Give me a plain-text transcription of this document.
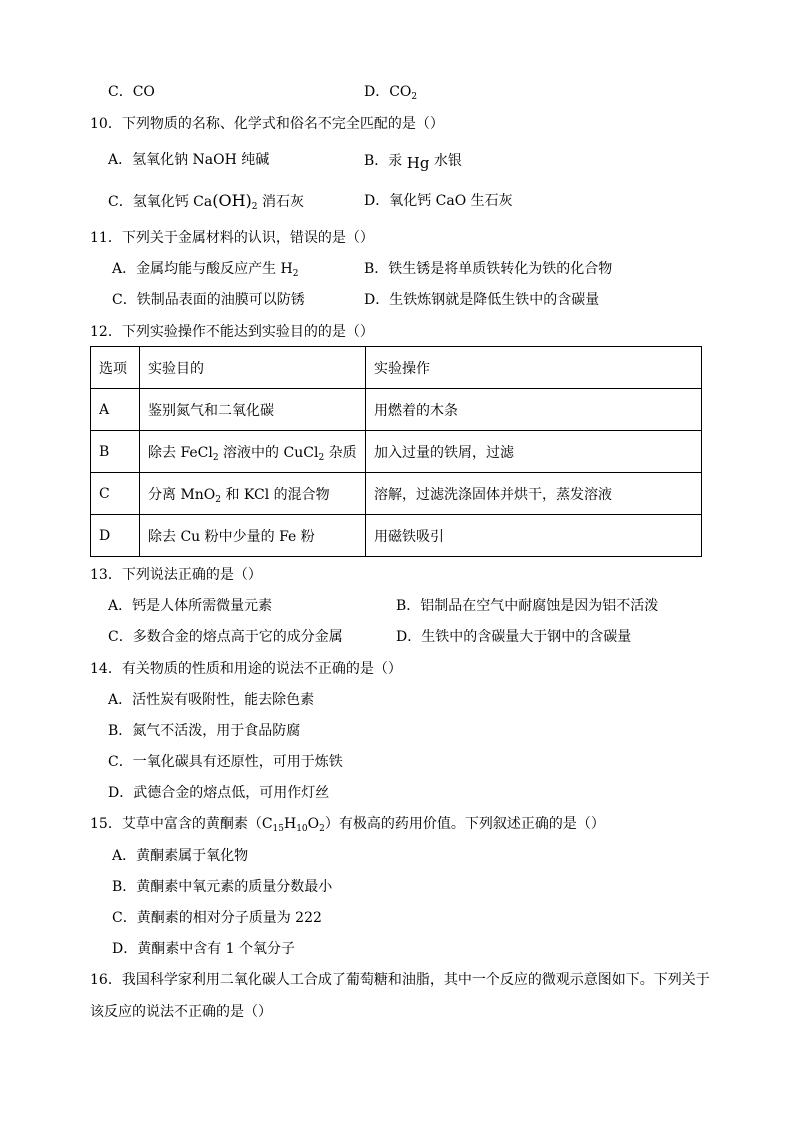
C．CO	D．$CO_2$
10．下列物质的名称、化学式和俗名不完全匹配的是（）
A．氢氧化钠 NaOH 纯碱	B．汞 Hg 水银
C．氢氧化钙 $Ca(OH)_2$ 消石灰	D．氧化钙 CaO 生石灰
11．下列关于金属材料的认识，错误的是（）
A．金属均能与酸反应产生 $H_2$	B．铁生锈是将单质铁转化为铁的化合物
C．铁制品表面的油膜可以防锈	D．生铁炼钢就是降低生铁中的含碳量
12．下列实验操作不能达到实验目的的是（）
选项	实验目的	实验操作
A	鉴别氮气和二氧化碳	用燃着的木条
B	除去 FeCl$_2$ 溶液中的 CuCl$_2$ 杂质	加入过量的铁屑，过滤
C	分离 MnO$_2$ 和 KCl 的混合物	溶解，过滤洗涤固体并烘干，蒸发溶液
D	除去 Cu 粉中少量的 Fe 粉	用磁铁吸引
13．下列说法正确的是（）
A．钙是人体所需微量元素	B．铝制品在空气中耐腐蚀是因为铝不活泼
C．多数合金的熔点高于它的成分金属	D．生铁中的含碳量大于钢中的含碳量
14．有关物质的性质和用途的说法不正确的是（）
A．活性炭有吸附性，能去除色素
B．氮气不活泼，用于食品防腐
C．一氧化碳具有还原性，可用于炼铁
D．武德合金的熔点低，可用作灯丝
15．艾草中富含的黄酮素$(C_{15}H_{10}O_2)$有极高的药用价值。下列叙述正确的是（）
A．黄酮素属于氧化物
B．黄酮素中氧元素的质量分数最小
C．黄酮素的相对分子质量为 222
D．黄酮素中含有 1 个氧分子
16．我国科学家利用二氧化碳人工合成了葡萄糖和油脂，其中一个反应的微观示意图如下。下列关于
该反应的说法不正确的是（）
